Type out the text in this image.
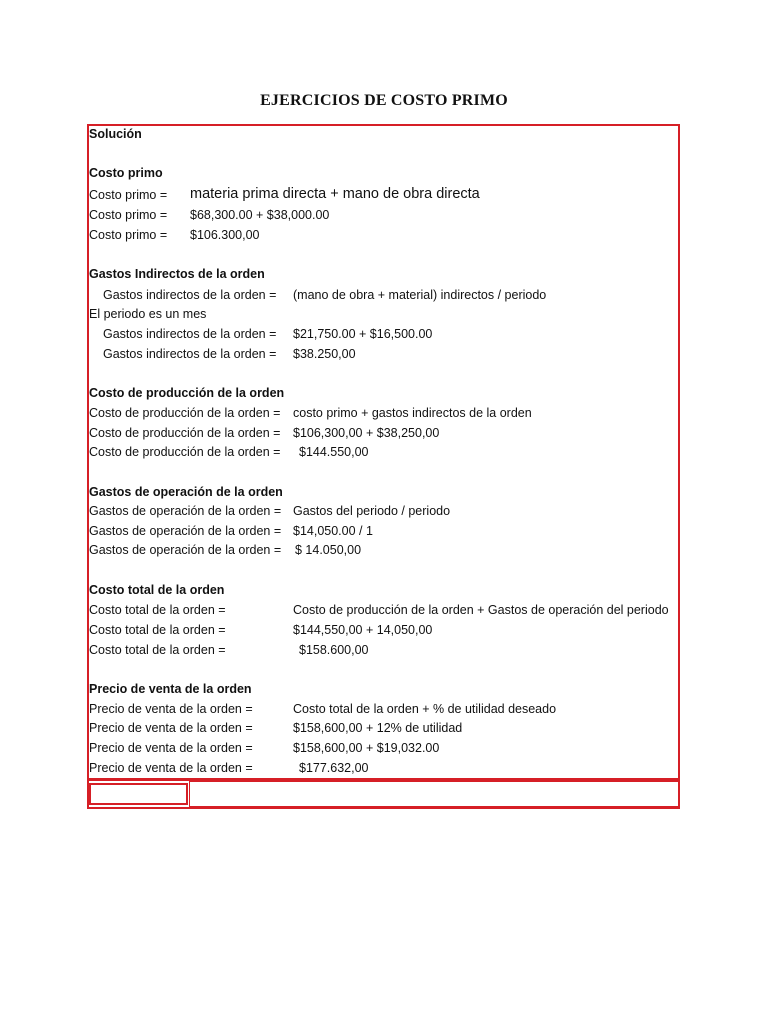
EJERCICIOS DE COSTO PRIMO
Solución
Costo primo
Costo primo = materia prima directa + mano de obra directa
Costo primo = $68,300.00 + $38,000.00
Costo primo = $106.300,00
Gastos Indirectos de la orden
Gastos indirectos de la orden = (mano de obra + material) indirectos / periodo
El periodo es un mes
Gastos indirectos de la orden = $21,750.00 + $16,500.00
Gastos indirectos de la orden = $38.250,00
Costo de producción de la orden
Costo de producción de la orden = costo primo + gastos indirectos de la orden
Costo de producción de la orden = $106,300,00 + $38,250,00
Costo de producción de la orden = $144.550,00
Gastos de operación de la orden
Gastos de operación de la orden = Gastos del periodo / periodo
Gastos de operación de la orden = $14,050.00 / 1
Gastos de operación de la orden = $ 14.050,00
Costo total de la orden
Costo total de la orden =	Costo de producción de la orden + Gastos de operación del periodo
Costo total de la orden =	$144,550,00 + 14,050,00
Costo total de la orden =	$158.600,00
Precio de venta de la orden
Precio de venta de la orden =	Costo total de la orden + % de utilidad deseado
Precio de venta de la orden =	$158,600,00 + 12% de utilidad
Precio de venta de la orden =	$158,600,00 + $19,032.00
Precio de venta de la orden =	$177.632,00
